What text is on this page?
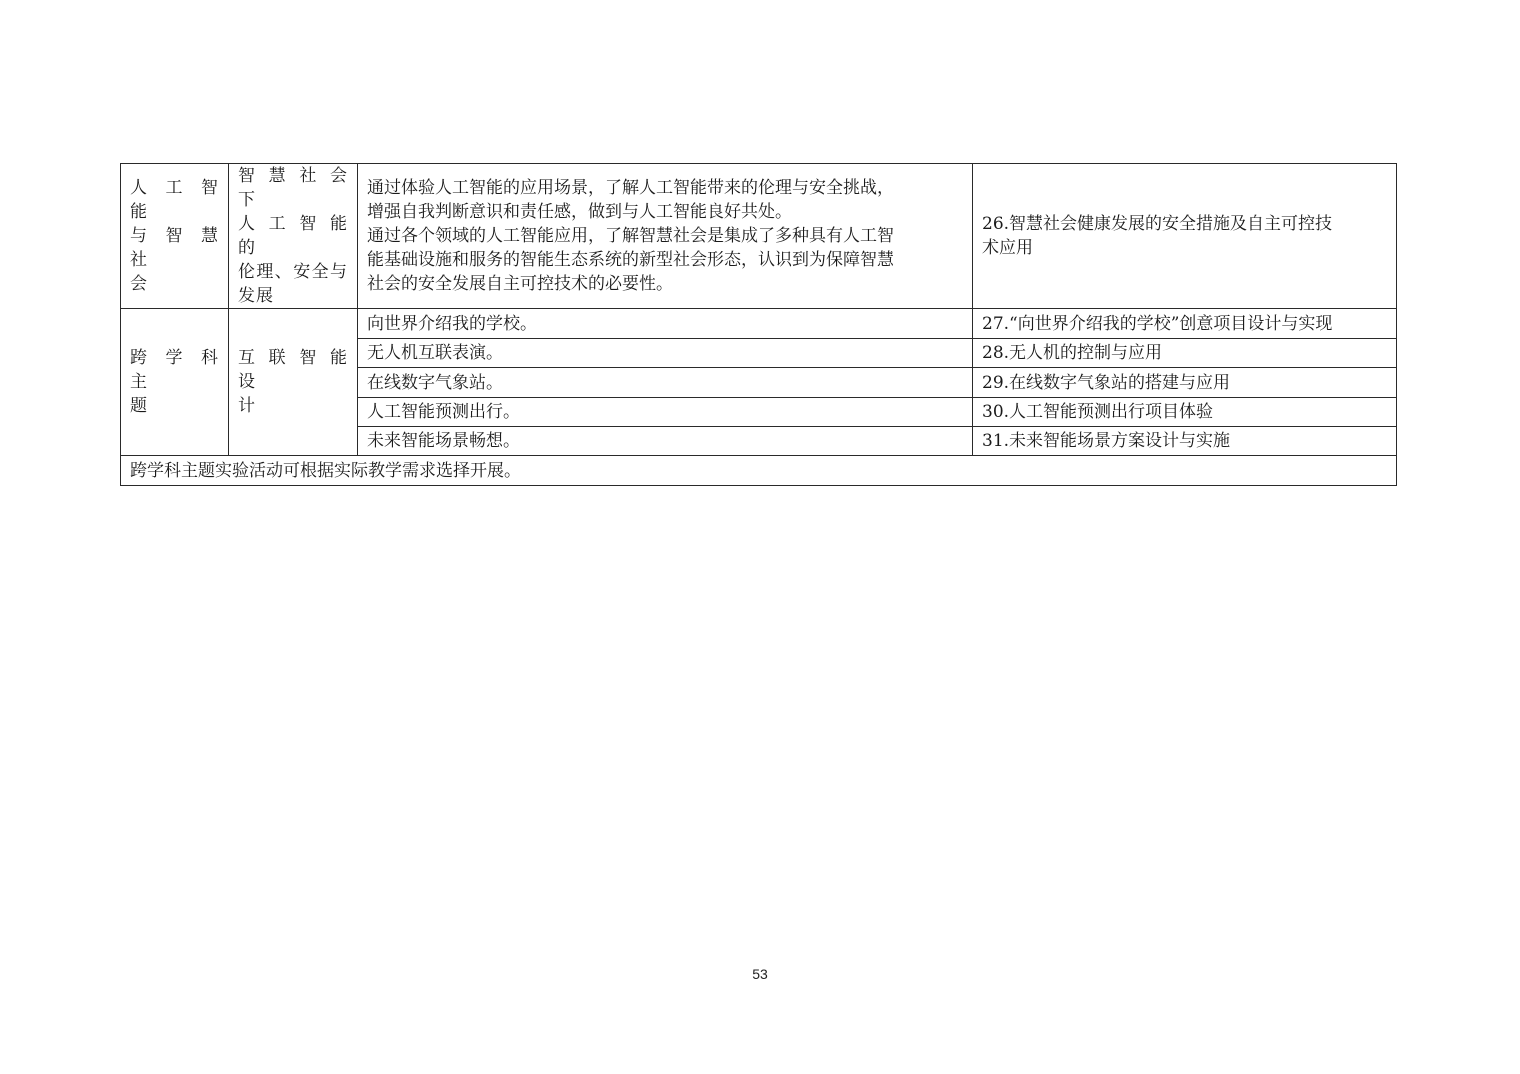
人 工 智 能
与 智 慧 社
会	智 慧 社 会 下
人 工 智 能 的
伦理、安全与
发展	通过体验人工智能的应用场景，了解人工智能带来的伦理与安全挑战，
增强自我判断意识和责任感，做到与人工智能良好共处。
通过各个领域的人工智能应用，了解智慧社会是集成了多种具有人工智
能基础设施和服务的智能生态系统的新型社会形态，认识到为保障智慧
社会的安全发展自主可控技术的必要性。	26.智慧社会健康发展的安全措施及自主可控技
术应用

跨 学 科 主
题	互 联 智 能 设
计	向世界介绍我的学校。	27.“向世界介绍我的学校”创意项目设计与实现
		无人机互联表演。	28.无人机的控制与应用
		在线数字气象站。	29.在线数字气象站的搭建与应用
		人工智能预测出行。	30.人工智能预测出行项目体验
		未来智能场景畅想。	31.未来智能场景方案设计与实施
跨学科主题实验活动可根据实际教学需求选择开展。			
53
